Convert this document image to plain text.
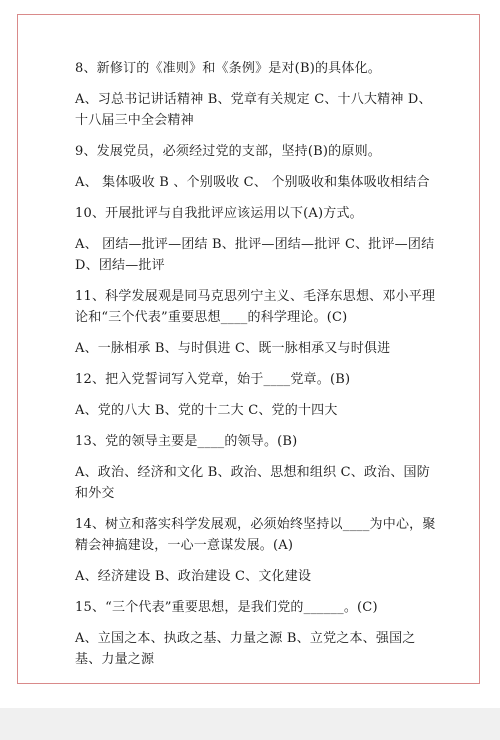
8、新修订的《准则》和《条例》是对(B)的具体化。

A、习总书记讲话精神 B、党章有关规定 C、十八大精神 D、十八届三中全会精神

9、发展党员，必须经过党的支部，坚持(B)的原则。

A、 集体吸收 B 、个别吸收 C、 个别吸收和集体吸收相结合

10、开展批评与自我批评应该运用以下(A)方式。

A、 团结—批评—团结 B、批评—团结—批评 C、批评—团结 D、团结—批评

11、科学发展观是同马克思列宁主义、毛泽东思想、邓小平理论和“三个代表”重要思想____的科学理论。(C)

A、一脉相承 B、与时俱进 C、既一脉相承又与时俱进

12、把入党誓词写入党章，始于____党章。(B)

A、党的八大 B、党的十二大 C、党的十四大

13、党的领导主要是____的领导。(B)

A、政治、经济和文化 B、政治、思想和组织 C、政治、国防和外交

14、树立和落实科学发展观，必须始终坚持以____为中心，聚精会神搞建设，一心一意谋发展。(A)

A、经济建设 B、政治建设 C、文化建设

15、“三个代表”重要思想，是我们党的______。(C)

A、立国之本、执政之基、力量之源 B、立党之本、强国之基、力量之源
